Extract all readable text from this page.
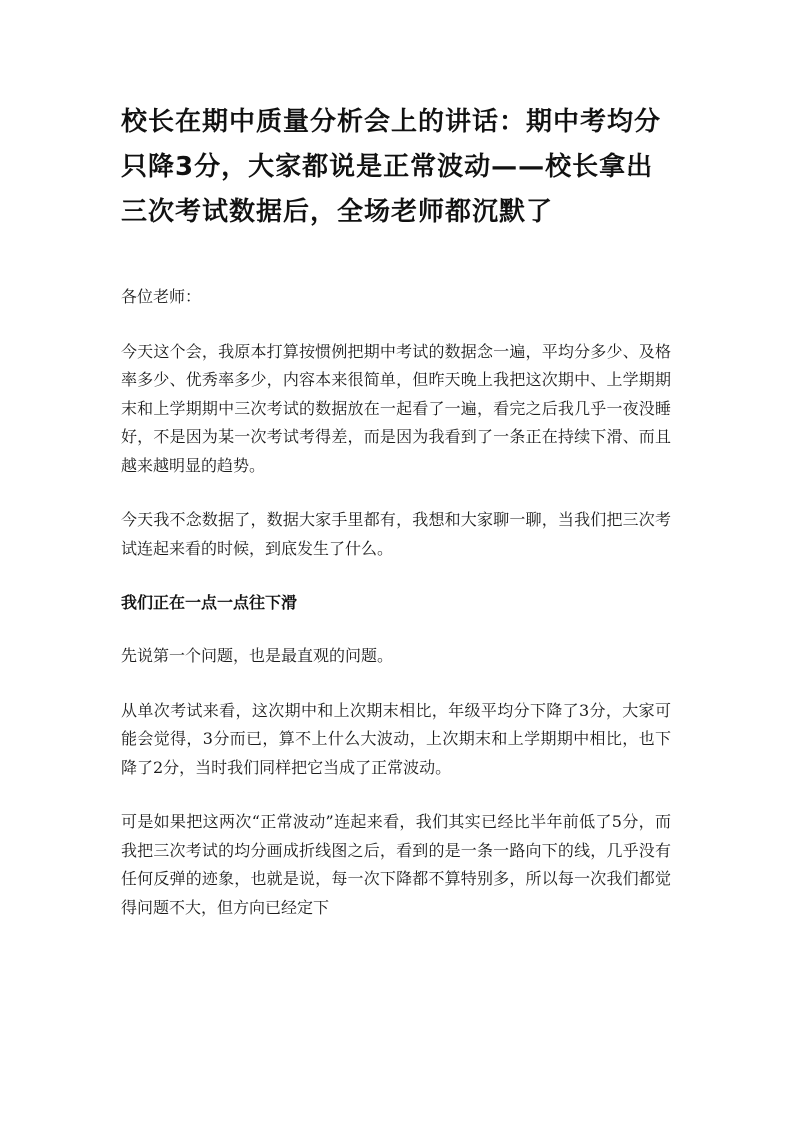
校长在期中质量分析会上的讲话：期中考均分只降3分，大家都说是正常波动——校长拿出三次考试数据后，全场老师都沉默了

各位老师：

今天这个会，我原本打算按惯例把期中考试的数据念一遍，平均分多少、及格率多少、优秀率多少，内容本来很简单，但昨天晚上我把这次期中、上学期期末和上学期期中三次考试的数据放在一起看了一遍，看完之后我几乎一夜没睡好，不是因为某一次考试考得差，而是因为我看到了一条正在持续下滑、而且越来越明显的趋势。

今天我不念数据了，数据大家手里都有，我想和大家聊一聊，当我们把三次考试连起来看的时候，到底发生了什么。

我们正在一点一点往下滑

先说第一个问题，也是最直观的问题。

从单次考试来看，这次期中和上次期末相比，年级平均分下降了3分，大家可能会觉得，3分而已，算不上什么大波动，上次期末和上学期期中相比，也下降了2分，当时我们同样把它当成了正常波动。

可是如果把这两次“正常波动”连起来看，我们其实已经比半年前低了5分，而我把三次考试的均分画成折线图之后，看到的是一条一路向下的线，几乎没有任何反弹的迹象，也就是说，每一次下降都不算特别多，所以每一次我们都觉得问题不大，但方向已经定下
